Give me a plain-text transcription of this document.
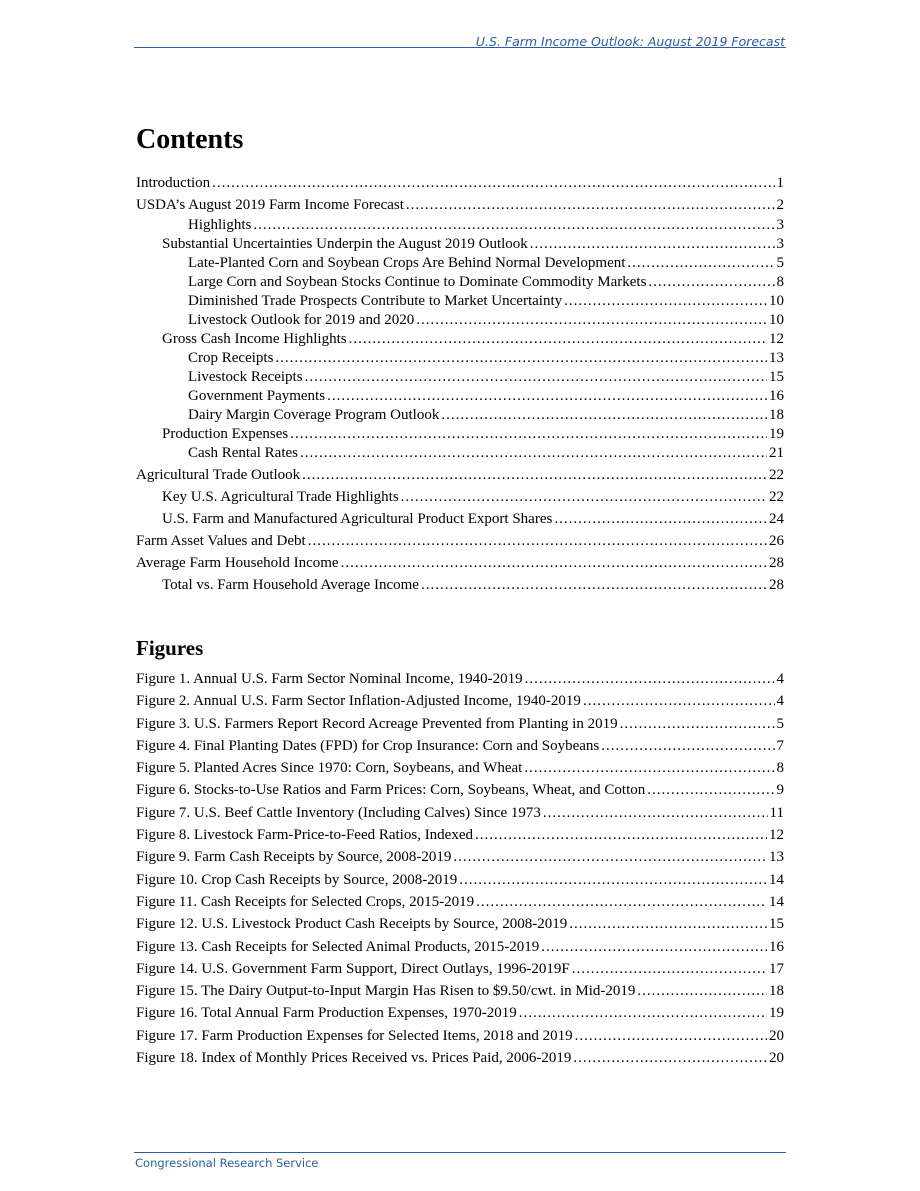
U.S. Farm Income Outlook: August 2019 Forecast
Contents
Introduction .....	1
USDA’s August 2019 Farm Income Forecast .....	2
Highlights .....	3
Substantial Uncertainties Underpin the August 2019 Outlook .....	3
Late-Planted Corn and Soybean Crops Are Behind Normal Development .....	5
Large Corn and Soybean Stocks Continue to Dominate Commodity Markets .....	8
Diminished Trade Prospects Contribute to Market Uncertainty .....	10
Livestock Outlook for 2019 and 2020 .....	10
Gross Cash Income Highlights .....	12
Crop Receipts .....	13
Livestock Receipts .....	15
Government Payments .....	16
Dairy Margin Coverage Program Outlook .....	18
Production Expenses .....	19
Cash Rental Rates .....	21
Agricultural Trade Outlook .....	22
Key U.S. Agricultural Trade Highlights .....	22
U.S. Farm and Manufactured Agricultural Product Export Shares .....	24
Farm Asset Values and Debt .....	26
Average Farm Household Income .....	28
Total vs. Farm Household Average Income .....	28
Figures
Figure 1. Annual U.S. Farm Sector Nominal Income, 1940-2019 .....	4
Figure 2. Annual U.S. Farm Sector Inflation-Adjusted Income, 1940-2019 .....	4
Figure 3. U.S. Farmers Report Record Acreage Prevented from Planting in 2019 .....	5
Figure 4. Final Planting Dates (FPD) for Crop Insurance: Corn and Soybeans .....	7
Figure 5. Planted Acres Since 1970: Corn, Soybeans, and Wheat .....	8
Figure 6. Stocks-to-Use Ratios and Farm Prices: Corn, Soybeans, Wheat, and Cotton .....	9
Figure 7. U.S. Beef Cattle Inventory (Including Calves) Since 1973 .....	11
Figure 8. Livestock Farm-Price-to-Feed Ratios, Indexed .....	12
Figure 9. Farm Cash Receipts by Source, 2008-2019 .....	13
Figure 10. Crop Cash Receipts by Source, 2008-2019 .....	14
Figure 11. Cash Receipts for Selected Crops, 2015-2019 .....	14
Figure 12. U.S. Livestock Product Cash Receipts by Source, 2008-2019 .....	15
Figure 13. Cash Receipts for Selected Animal Products, 2015-2019 .....	16
Figure 14. U.S. Government Farm Support, Direct Outlays, 1996-2019F .....	17
Figure 15. The Dairy Output-to-Input Margin Has Risen to $9.50/cwt. in Mid-2019 .....	18
Figure 16. Total Annual Farm Production Expenses, 1970-2019 .....	19
Figure 17. Farm Production Expenses for Selected Items, 2018 and 2019 .....	20
Figure 18. Index of Monthly Prices Received vs. Prices Paid, 2006-2019 .....	20
Congressional Research Service
